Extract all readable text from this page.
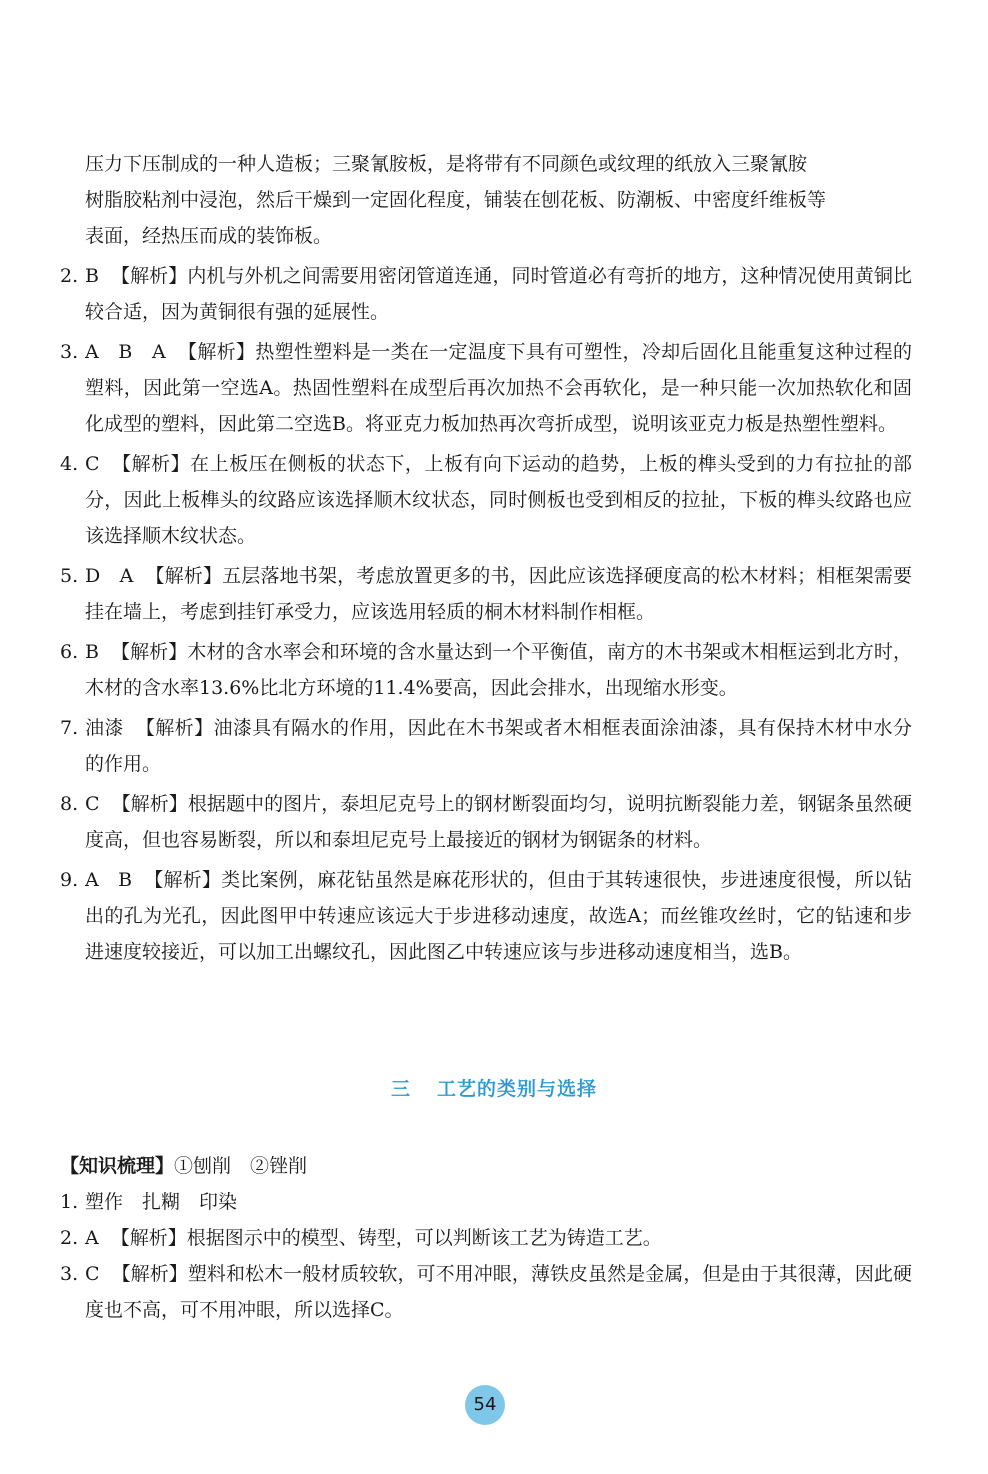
压力下压制成的一种人造板；三聚氰胺板，是将带有不同颜色或纹理的纸放入三聚氰胺
树脂胶粘剂中浸泡，然后干燥到一定固化程度，铺装在刨花板、防潮板、中密度纤维板等
表面，经热压而成的装饰板。
2. B 【解析】内机与外机之间需要用密闭管道连通，同时管道必有弯折的地方，这种情况使用黄铜比较合适，因为黄铜很有强的延展性。
3. A　B　A 【解析】热塑性塑料是一类在一定温度下具有可塑性，冷却后固化且能重复这种过程的塑料，因此第一空选A。热固性塑料在成型后再次加热不会再软化，是一种只能一次加热软化和固化成型的塑料，因此第二空选B。将亚克力板加热再次弯折成型，说明该亚克力板是热塑性塑料。
4. C 【解析】在上板压在侧板的状态下，上板有向下运动的趋势，上板的榫头受到的力有拉扯的部分，因此上板榫头的纹路应该选择顺木纹状态，同时侧板也受到相反的拉扯，下板的榫头纹路也应该选择顺木纹状态。
5. D　A 【解析】五层落地书架，考虑放置更多的书，因此应该选择硬度高的松木材料；相框架需要挂在墙上，考虑到挂钉承受力，应该选用轻质的桐木材料制作相框。
6. B 【解析】木材的含水率会和环境的含水量达到一个平衡值，南方的木书架或木相框运到北方时，木材的含水率13.6%比北方环境的11.4%要高，因此会排水，出现缩水形变。
7. 油漆 【解析】油漆具有隔水的作用，因此在木书架或者木相框表面涂油漆，具有保持木材中水分的作用。
8. C 【解析】根据题中的图片，泰坦尼克号上的钢材断裂面均匀，说明抗断裂能力差，钢锯条虽然硬度高，但也容易断裂，所以和泰坦尼克号上最接近的钢材为钢锯条的材料。
9. A　B 【解析】类比案例，麻花钻虽然是麻花形状的，但由于其转速很快，步进速度很慢，所以钻出的孔为光孔，因此图甲中转速应该远大于步进移动速度，故选A；而丝锥攻丝时，它的钻速和步进速度较接近，可以加工出螺纹孔，因此图乙中转速应该与步进移动速度相当，选B。
三 工艺的类别与选择
【知识梳理】①刨削　②锉削
1. 塑作　扎糊　印染
2. A 【解析】根据图示中的模型、铸型，可以判断该工艺为铸造工艺。
3. C 【解析】塑料和松木一般材质较软，可不用冲眼，薄铁皮虽然是金属，但是由于其很薄，因此硬度也不高，可不用冲眼，所以选择C。
54
